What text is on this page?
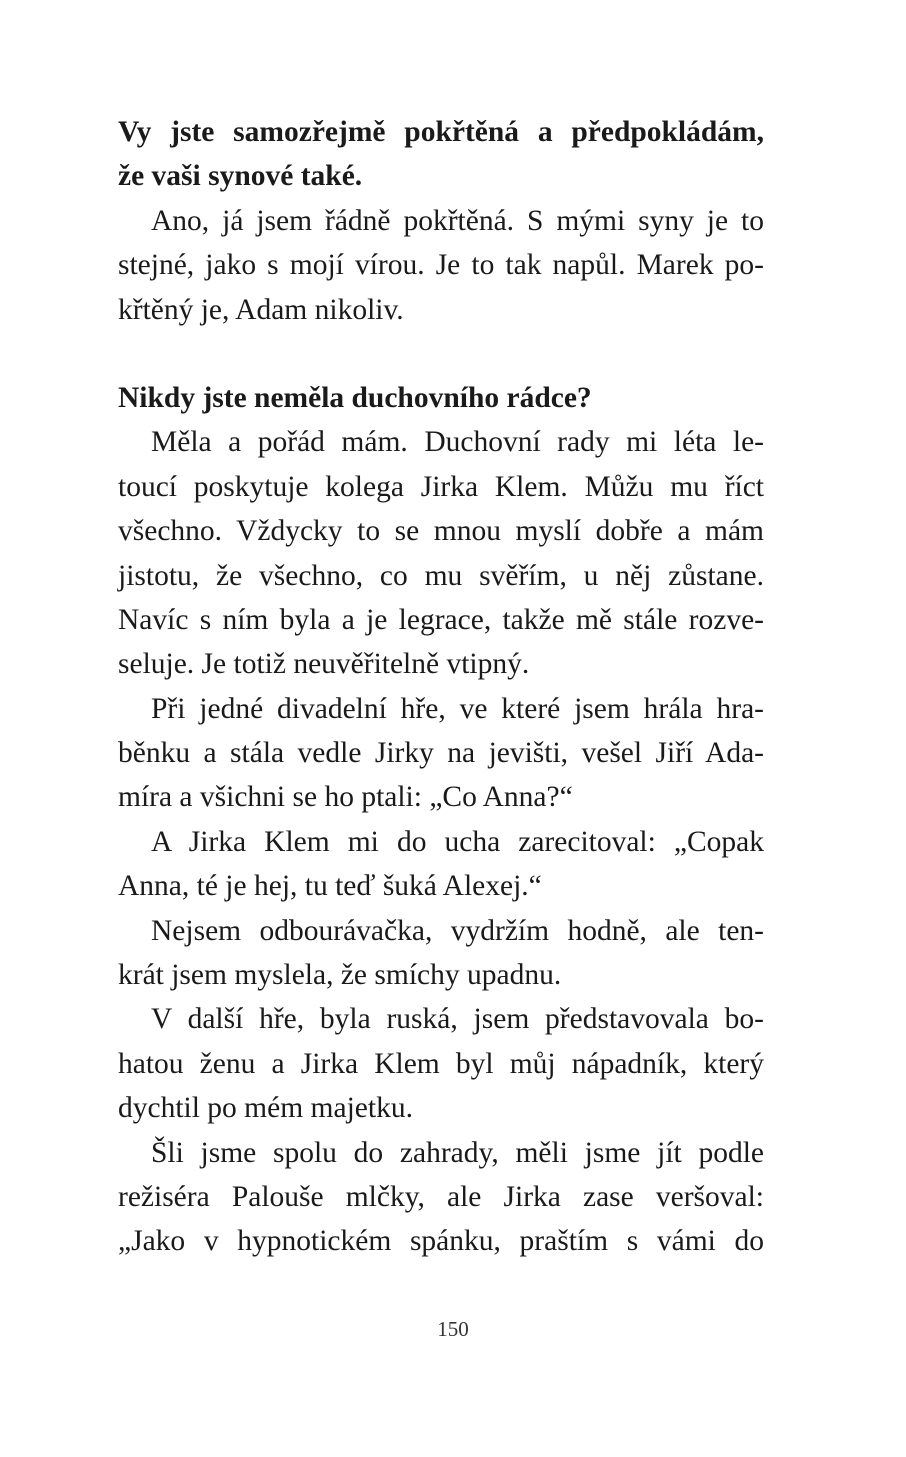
Vy jste samozřejmě pokřtěná a předpokládám,
že vaši synové také.
Ano, já jsem řádně pokřtěná. S mými syny je to
stejné, jako s mojí vírou. Je to tak napůl. Marek po-
křtěný je, Adam nikoliv.
Nikdy jste neměla duchovního rádce?
Měla a pořád mám. Duchovní rady mi léta le-
toucí poskytuje kolega Jirka Klem. Můžu mu říct
všechno. Vždycky to se mnou myslí dobře a mám
jistotu, že všechno, co mu svěřím, u něj zůstane.
Navíc s ním byla a je legrace, takže mě stále rozve-
seluje. Je totiž neuvěřitelně vtipný.
Při jedné divadelní hře, ve které jsem hrála hra-
běnku a stála vedle Jirky na jevišti, vešel Jiří Ada-
míra a všichni se ho ptali: „Co Anna?“
A Jirka Klem mi do ucha zarecitoval: „Copak
Anna, té je hej, tu teď šuká Alexej.“
Nejsem odbourávačka, vydržím hodně, ale ten-
krát jsem myslela, že smíchy upadnu.
V další hře, byla ruská, jsem představovala bo-
hatou ženu a Jirka Klem byl můj nápadník, který
dychtil po mém majetku.
Šli jsme spolu do zahrady, měli jsme jít podle
režiséra Palouše mlčky, ale Jirka zase veršoval:
„Jako v hypnotickém spánku, praštím s vámi do
150
